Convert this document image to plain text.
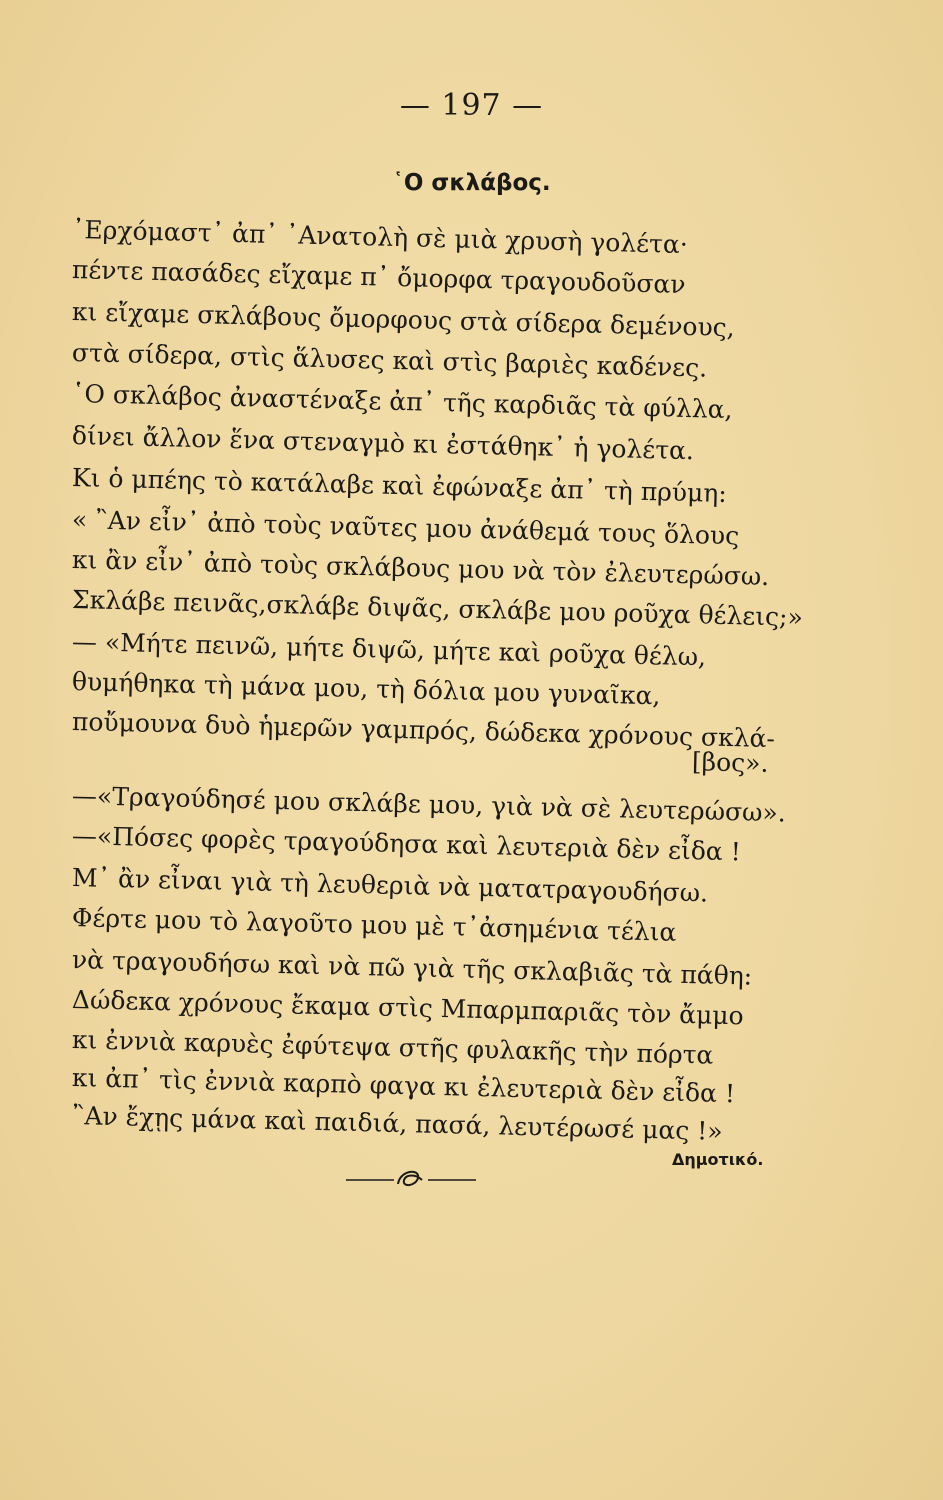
— 197 —
῾Ο σκλάβος.
᾿Ερχόμαστ᾿ ἀπ᾿ ᾿Ανατολὴ σὲ μιὰ χρυσὴ γολέτα·
πέντε πασάδες εἴχαμε π᾿ ὄμορφα τραγουδοῦσαν
κι εἴχαμε σκλάβους ὄμορφους στὰ σίδερα δεμένους,
στὰ σίδερα, στὶς ἅλυσες καὶ στὶς βαριὲς καδένες.
῾Ο σκλάβος ἀναστέναξε ἀπ᾿ τῆς καρδιᾶς τὰ φύλλα,
δίνει ἄλλον ἕνα στεναγμὸ κι ἐστάθηκ᾿ ἡ γολέτα.
Κι ὁ μπέης τὸ κατάλαβε καὶ ἐφώναξε ἀπ᾿ τὴ πρύμη:
« ῍Αν εἶν᾿ ἀπὸ τοὺς ναῦτες μου ἀνάθεμά τους ὅλους
κι ἂν εἶν᾿ ἀπὸ τοὺς σκλάβους μου νὰ τὸν ἐλευτερώσω.
Σκλάβε πεινᾶς,σκλάβε διψᾶς, σκλάβε μου ροῦχα θέλεις;»
— «Μήτε πεινῶ, μήτε διψῶ, μήτε καὶ ροῦχα θέλω,
θυμήθηκα τὴ μάνα μου, τὴ δόλια μου γυναῖκα,
ποὔμουνα δυὸ ἡμερῶν γαμπρός, δώδεκα χρόνους σκλά-
[βος».
—«Τραγούδησέ μου σκλάβε μου, γιὰ νὰ σὲ λευτερώσω».
—«Πόσες φορὲς τραγούδησα καὶ λευτεριὰ δὲν εἶδα !
Μ᾿ ἂν εἶναι γιὰ τὴ λευθεριὰ νὰ ματατραγουδήσω.
Φέρτε μου τὸ λαγοῦτο μου μὲ τ᾿ἀσημένια τέλια
νὰ τραγουδήσω καὶ νὰ πῶ γιὰ τῆς σκλαβιᾶς τὰ πάθη:
Δώδεκα χρόνους ἔκαμα στὶς Μπαρμπαριᾶς τὸν ἄμμο
κι ἐννιὰ καρυὲς ἐφύτεψα στῆς φυλακῆς τὴν πόρτα
κι ἀπ᾿ τὶς ἐννιὰ καρπὸ φαγα κι ἐλευτεριὰ δὲν εἶδα !
῍Αν ἔχῃς μάνα καὶ παιδιά, πασά, λευτέρωσέ μας !»
Δημοτικό.
